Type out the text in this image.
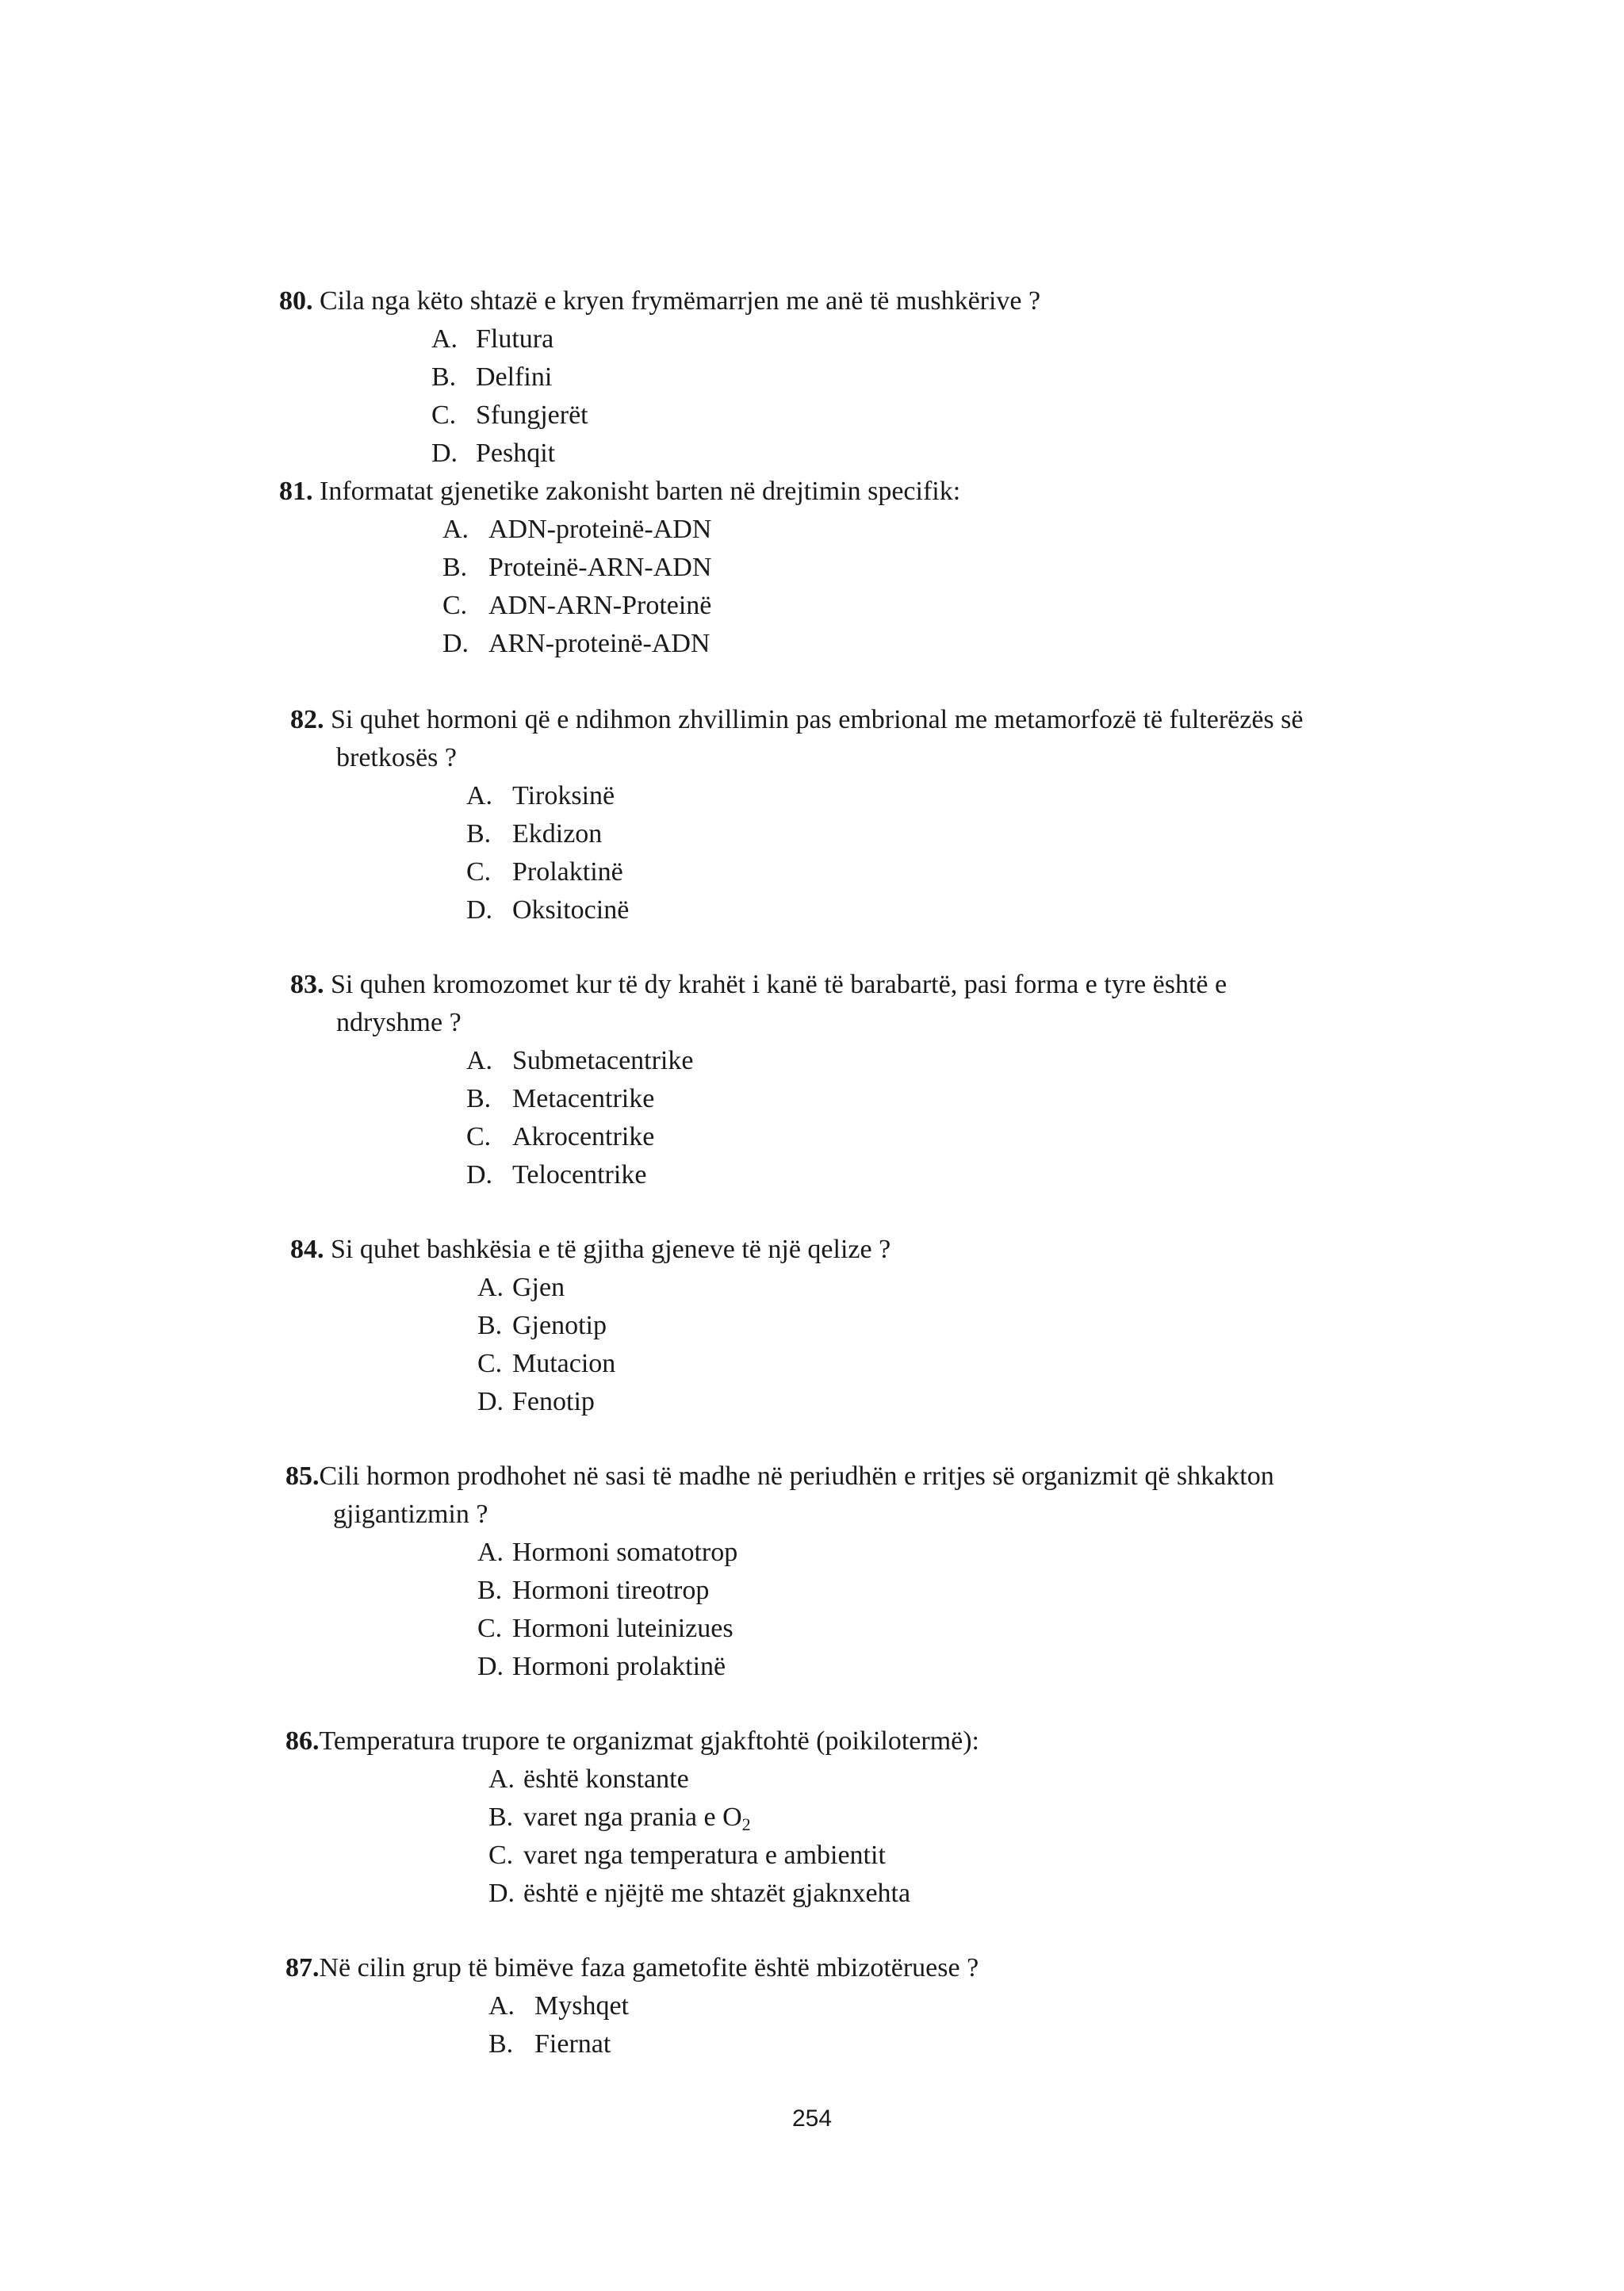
80. Cila nga këto shtazë e kryen frymëmarrjen me anë të mushkërive ?
A. Flutura
B. Delfini
C. Sfungjerët
D. Peshqit
81. Informatat gjenetike zakonisht barten në drejtimin specifik:
A. ADN-proteinë-ADN
B. Proteinë-ARN-ADN
C. ADN-ARN-Proteinë
D. ARN-proteinë-ADN
82. Si quhet hormoni që e ndihmon zhvillimin pas embrional me metamorfozë të fulterëzës së
bretkosës ?
A. Tiroksinë
B. Ekdizon
C. Prolaktinë
D. Oksitocinë
83. Si quhen kromozomet kur të dy krahët i kanë të barabartë, pasi forma e tyre është e
ndryshme ?
A. Submetacentrike
B. Metacentrike
C. Akrocentrike
D. Telocentrike
84. Si quhet bashkësia e të gjitha gjeneve të një qelize ?
A. Gjen
B. Gjenotip
C. Mutacion
D. Fenotip
85.Cili hormon prodhohet në sasi të madhe në periudhën e rritjes së organizmit që shkakton
gjigantizmin ?
A. Hormoni somatotrop
B. Hormoni tireotrop
C. Hormoni luteinizues
D. Hormoni prolaktinë
86.Temperatura trupore te organizmat gjakftohtë (poikilotermë):
A. është konstante
B. varet nga prania e $O_2$
C. varet nga temperatura e ambientit
D. është e njëjtë me shtazët gjaknxehta
87.Në cilin grup të bimëve faza gametofite është mbizotëruese ?
A. Myshqet
B. Fiernat
254
